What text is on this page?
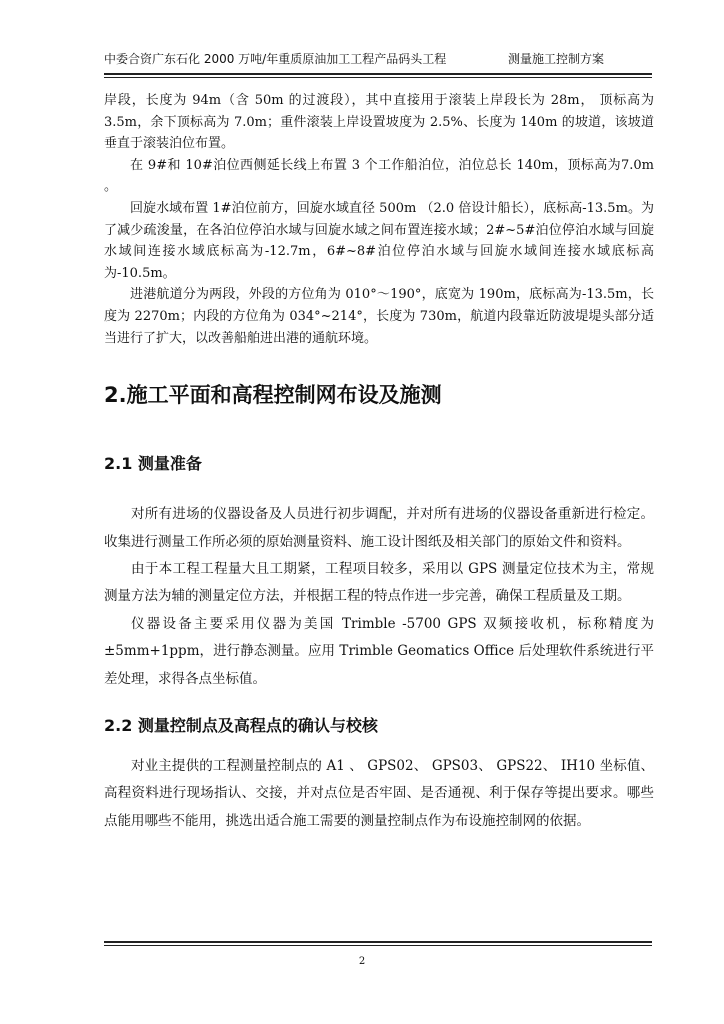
中委合资广东石化 2000 万吨/年重质原油加工工程产品码头工程	测量施工控制方案

岸段，长度为 94m（含 50m 的过渡段），其中直接用于滚装上岸段长为 28m， 顶标高为 3.5m，余下顶标高为 7.0m；重件滚装上岸设置坡度为 2.5%、长度为 140m 的坡道，该坡道垂直于滚装泊位布置。

在 9#和 10#泊位西侧延长线上布置 3 个工作船泊位，泊位总长 140m，顶标高为7.0m 。

回旋水域布置 1#泊位前方，回旋水域直径 500m （2.0 倍设计船长），底标高-13.5m。为了减少疏浚量，在各泊位停泊水域与回旋水域之间布置连接水域；2#~5#泊位停泊水域与回旋水域间连接水域底标高为-12.7m，6#~8#泊位停泊水域与回旋水域间连接水域底标高为-10.5m。

进港航道分为两段，外段的方位角为 010°～190°，底宽为 190m，底标高为-13.5m，长度为 2270m；内段的方位角为 034°~214°，长度为 730m，航道内段靠近防波堤堤头部分适当进行了扩大，以改善船舶进出港的通航环境。

2.施工平面和高程控制网布设及施测
2.1 测量准备

对所有进场的仪器设备及人员进行初步调配，并对所有进场的仪器设备重新进行检定。收集进行测量工作所必须的原始测量资料、施工设计图纸及相关部门的原始文件和资料。

由于本工程工程量大且工期紧，工程项目较多，采用以 GPS 测量定位技术为主，常规测量方法为辅的测量定位方法，并根据工程的特点作进一步完善，确保工程质量及工期。

仪器设备主要采用仪器为美国 Trimble -5700 GPS 双频接收机，标称精度为±5mm+1ppm，进行静态测量。应用 Trimble Geomatics Office 后处理软件系统进行平差处理，求得各点坐标值。

2.2 测量控制点及高程点的确认与校核

对业主提供的工程测量控制点的 A1 、 GPS02、 GPS03、 GPS22、 IH10 坐标值、高程资料进行现场指认、交接，并对点位是否牢固、是否通视、利于保存等提出要求。哪些点能用哪些不能用，挑选出适合施工需要的测量控制点作为布设施控制网的依据。

2
